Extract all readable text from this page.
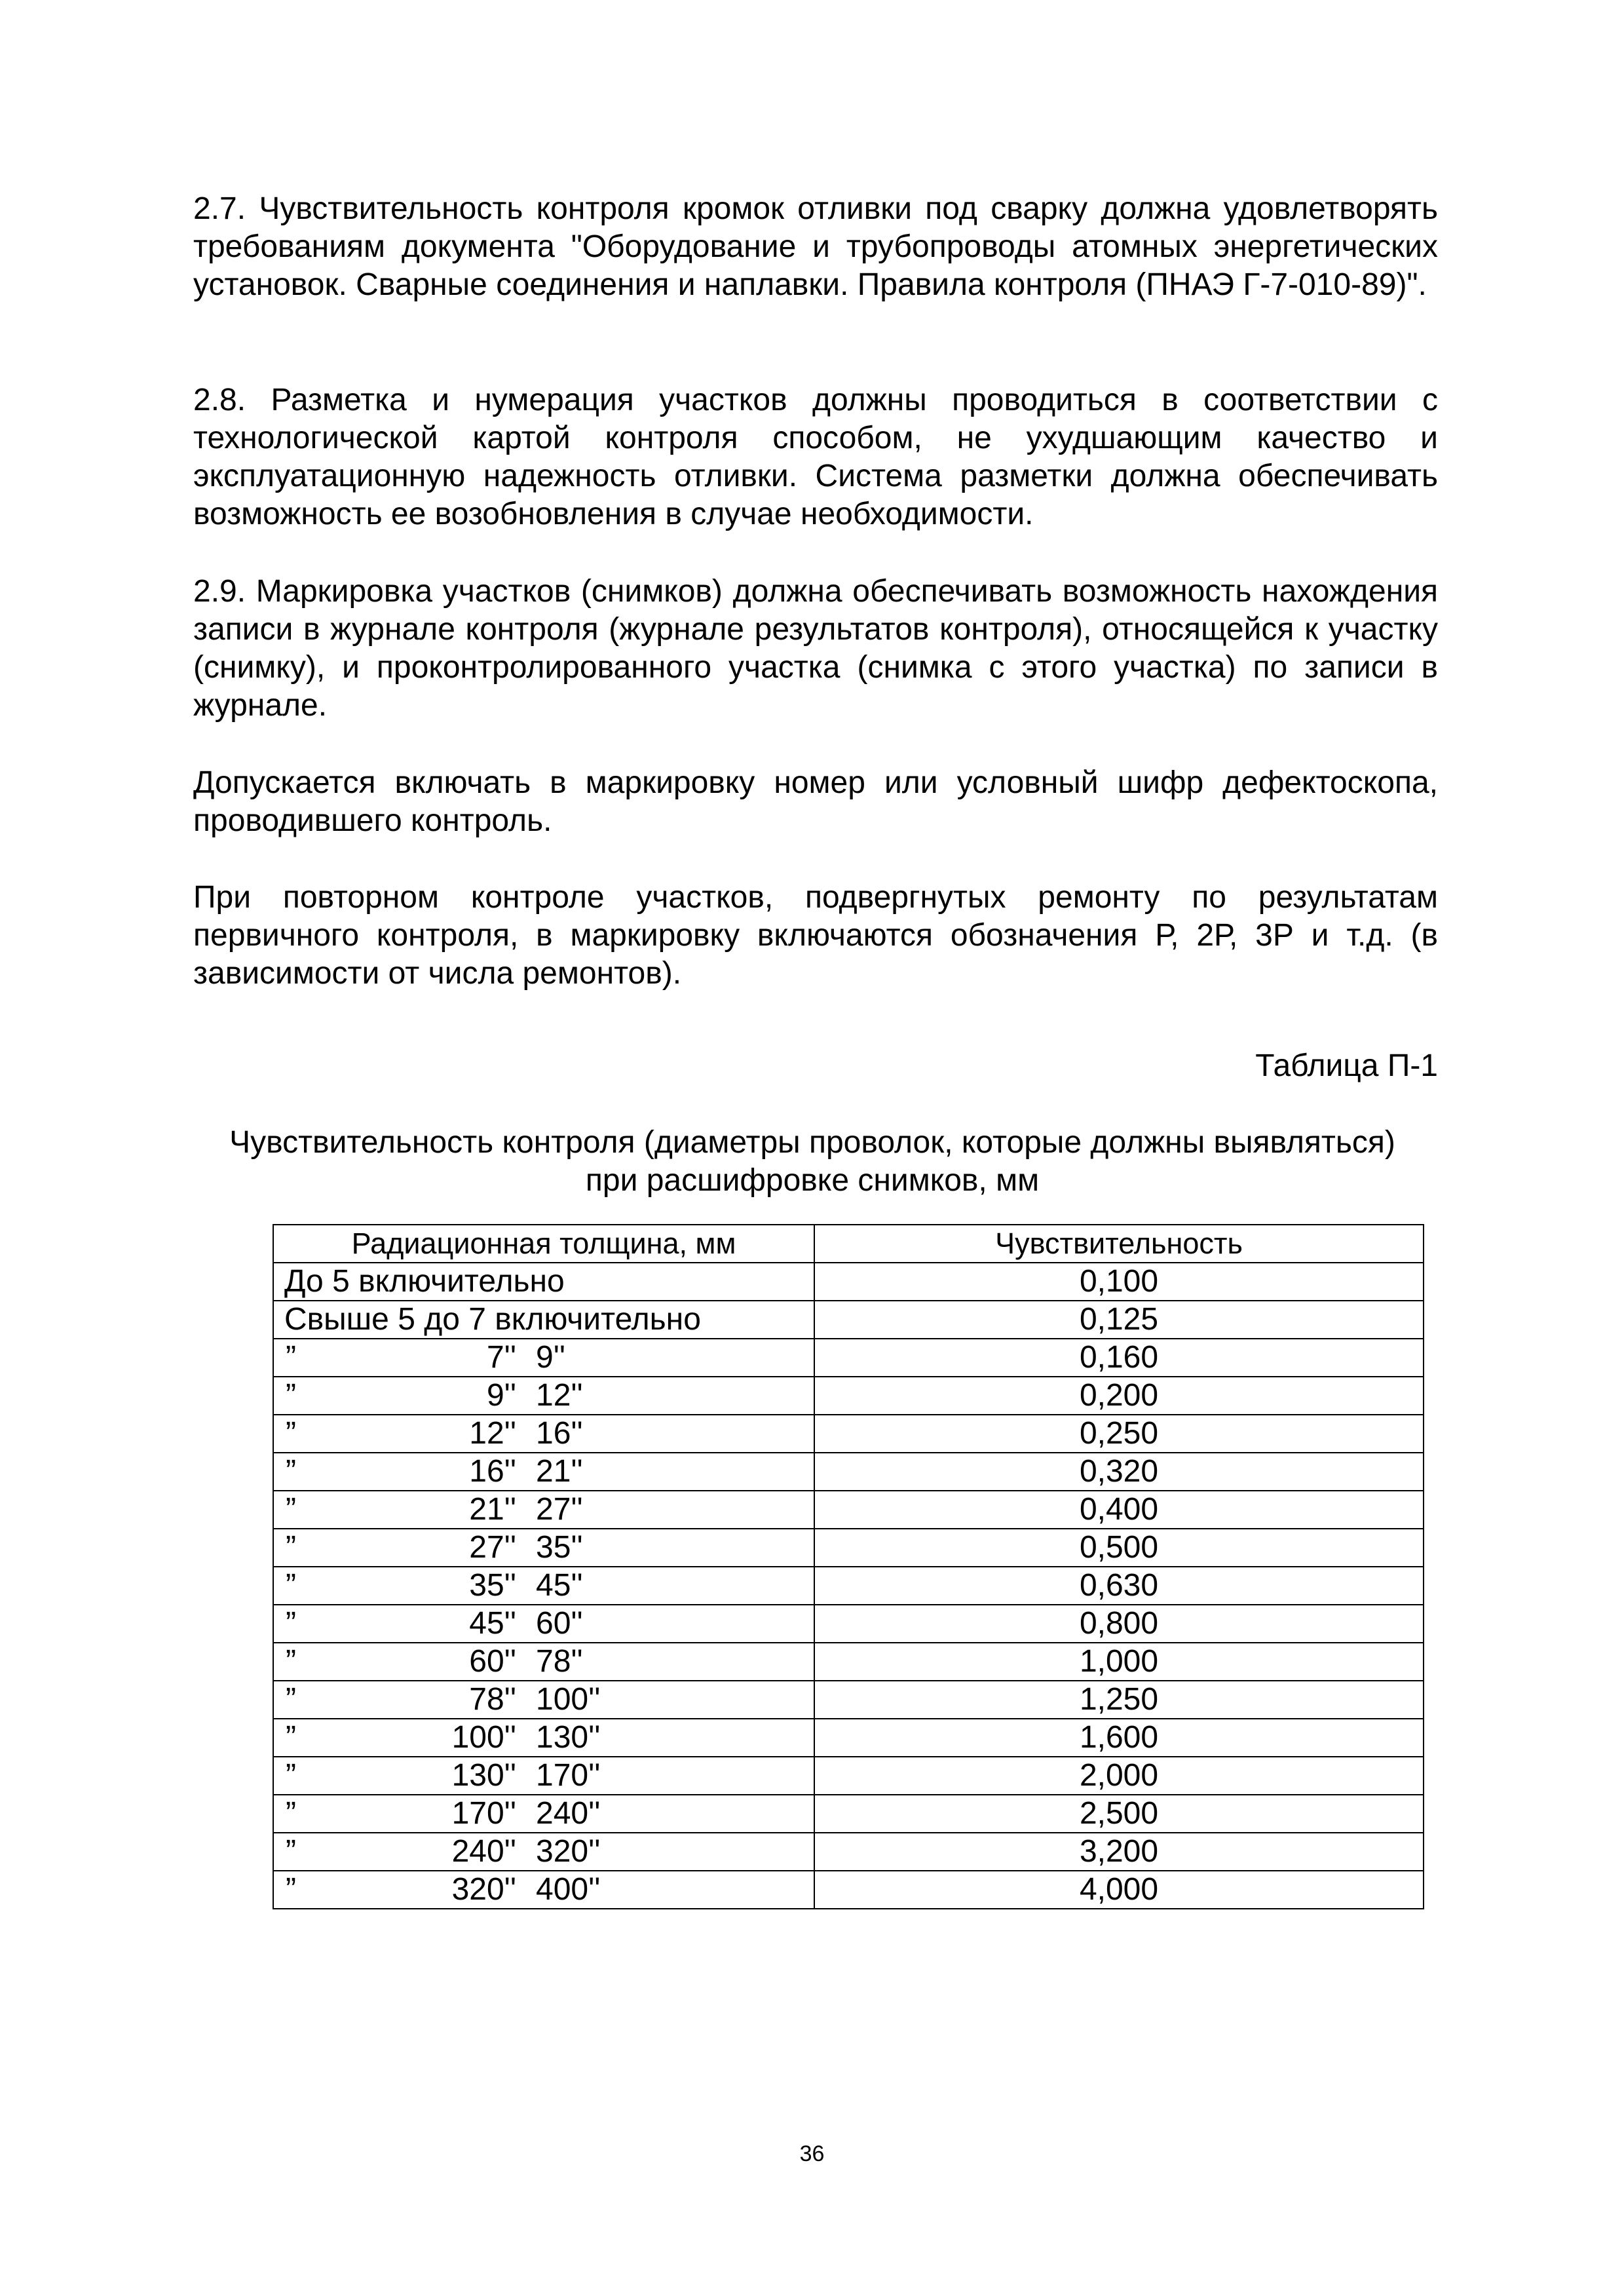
2.7. Чувствительность контроля кромок отливки под сварку должна удовлетворять требованиям документа "Оборудование и трубопроводы атомных энергетических установок. Сварные соединения и наплавки. Правила контроля (ПНАЭ Г-7-010-89)".

2.8. Разметка и нумерация участков должны проводиться в соответствии с технологической картой контроля способом, не ухудшающим качество и эксплуатационную надежность отливки. Система разметки должна обеспечивать возможность ее возобновления в случае необходимости.

2.9. Маркировка участков (снимков) должна обеспечивать возможность нахождения записи в журнале контроля (журнале результатов контроля), относящейся к участку (снимку), и проконтролированного участка (снимка с этого участка) по записи в журнале.

Допускается включать в маркировку номер или условный шифр дефектоскопа, проводившего контроль.

При повторном контроле участков, подвергнутых ремонту по результатам первичного контроля, в маркировку включаются обозначения Р, 2Р, 3Р и т.д. (в зависимости от числа ремонтов).

Таблица П-1
Чувствительность контроля (диаметры проволок, которые должны выявляться)
при расшифровке снимков, мм
Радиационная толщина, мм	Чувствительность
До 5 включительно	0,100
Свыше 5 до 7 включительно	0,125

” 7'' 9''	0,160

” 9'' 12''	0,200

” 12'' 16''	0,250

” 16'' 21''	0,320

” 21'' 27''	0,400

” 27'' 35''	0,500

” 35'' 45''	0,630

” 45'' 60''	0,800

” 60'' 78''	1,000

” 78'' 100''	1,250

” 100'' 130''	1,600

” 130'' 170''	2,000

” 170'' 240''	2,500

” 240'' 320''	3,200

” 320'' 400''	4,000
36
